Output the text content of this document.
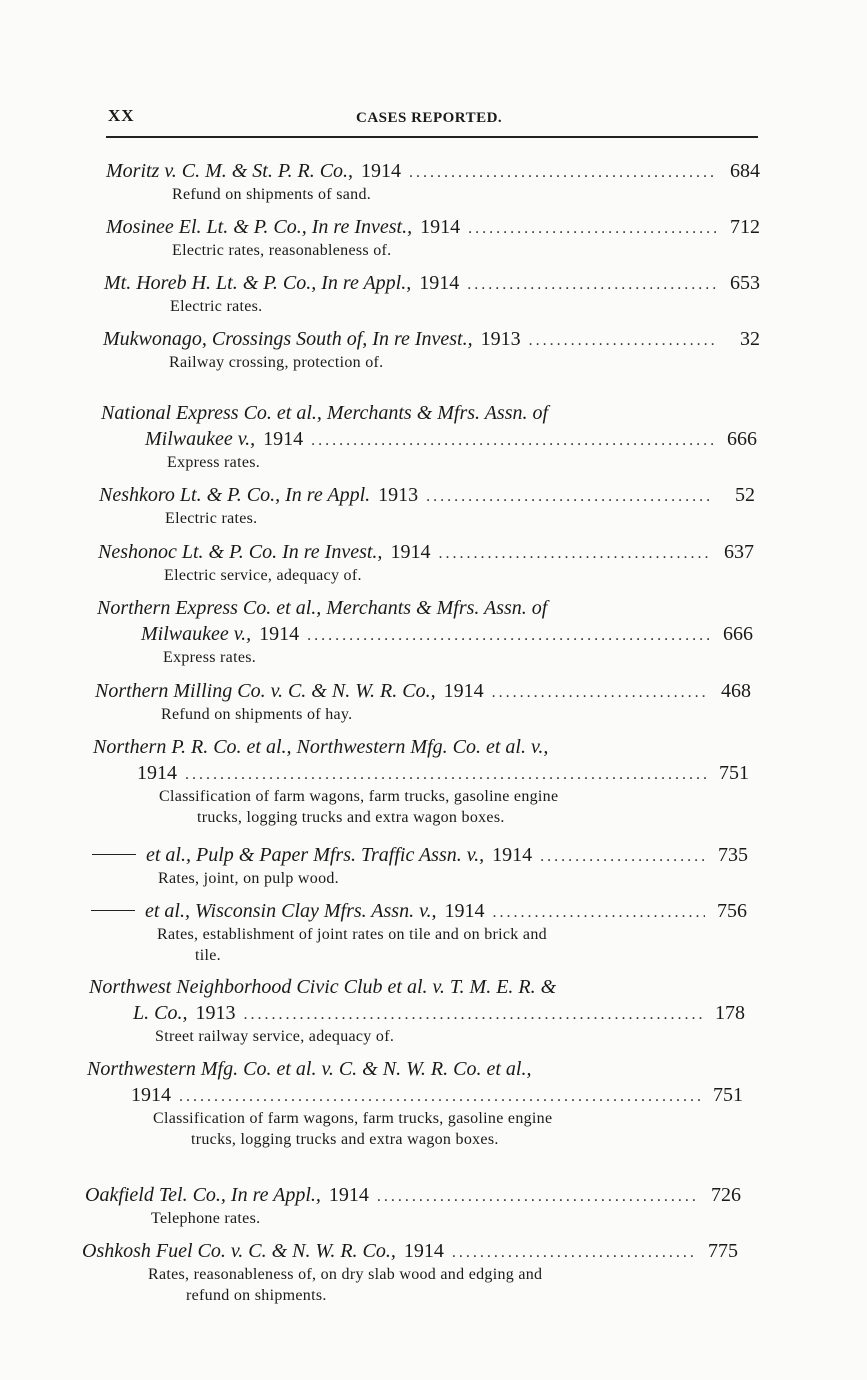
XX	CASES REPORTED.
Moritz v. C. M. & St. P. R. Co., 1914 .....	684
Refund on shipments of sand.
Mosinee El. Lt. & P. Co., In re Invest., 1914 .....	712
Electric rates, reasonableness of.
Mt. Horeb H. Lt. & P. Co., In re Appl., 1914 .....	653
Electric rates.
Mukwonago, Crossings South of, In re Invest., 1913 .....	32
Railway crossing, protection of.
National Express Co. et al., Merchants & Mfrs. Assn. of
Milwaukee v., 1914 .....	666
Express rates.
Neshkoro Lt. & P. Co., In re Appl. 1913 .....	52
Electric rates.
Neshonoc Lt. & P. Co. In re Invest., 1914 .....	637
Electric service, adequacy of.
Northern Express Co. et al., Merchants & Mfrs. Assn. of
Milwaukee v., 1914 .....	666
Express rates.
Northern Milling Co. v. C. & N. W. R. Co., 1914 .....	468
Refund on shipments of hay.
Northern P. R. Co. et al., Northwestern Mfg. Co. et al. v.,
1914 .....	751
Classification of farm wagons, farm trucks, gasoline engine
trucks, logging trucks and extra wagon boxes.
et al., Pulp & Paper Mfrs. Traffic Assn. v., 1914 .....	735
Rates, joint, on pulp wood.
et al., Wisconsin Clay Mfrs. Assn. v., 1914 .....	756
Rates, establishment of joint rates on tile and on brick and
tile.
Northwest Neighborhood Civic Club et al. v. T. M. E. R. &
L. Co., 1913 .....	178
Street railway service, adequacy of.
Northwestern Mfg. Co. et al. v. C. & N. W. R. Co. et al.,
1914 .....	751
Classification of farm wagons, farm trucks, gasoline engine
trucks, logging trucks and extra wagon boxes.
Oakfield Tel. Co., In re Appl., 1914 .....	726
Telephone rates.
Oshkosh Fuel Co. v. C. & N. W. R. Co., 1914 .....	775
Rates, reasonableness of, on dry slab wood and edging and
refund on shipments.
